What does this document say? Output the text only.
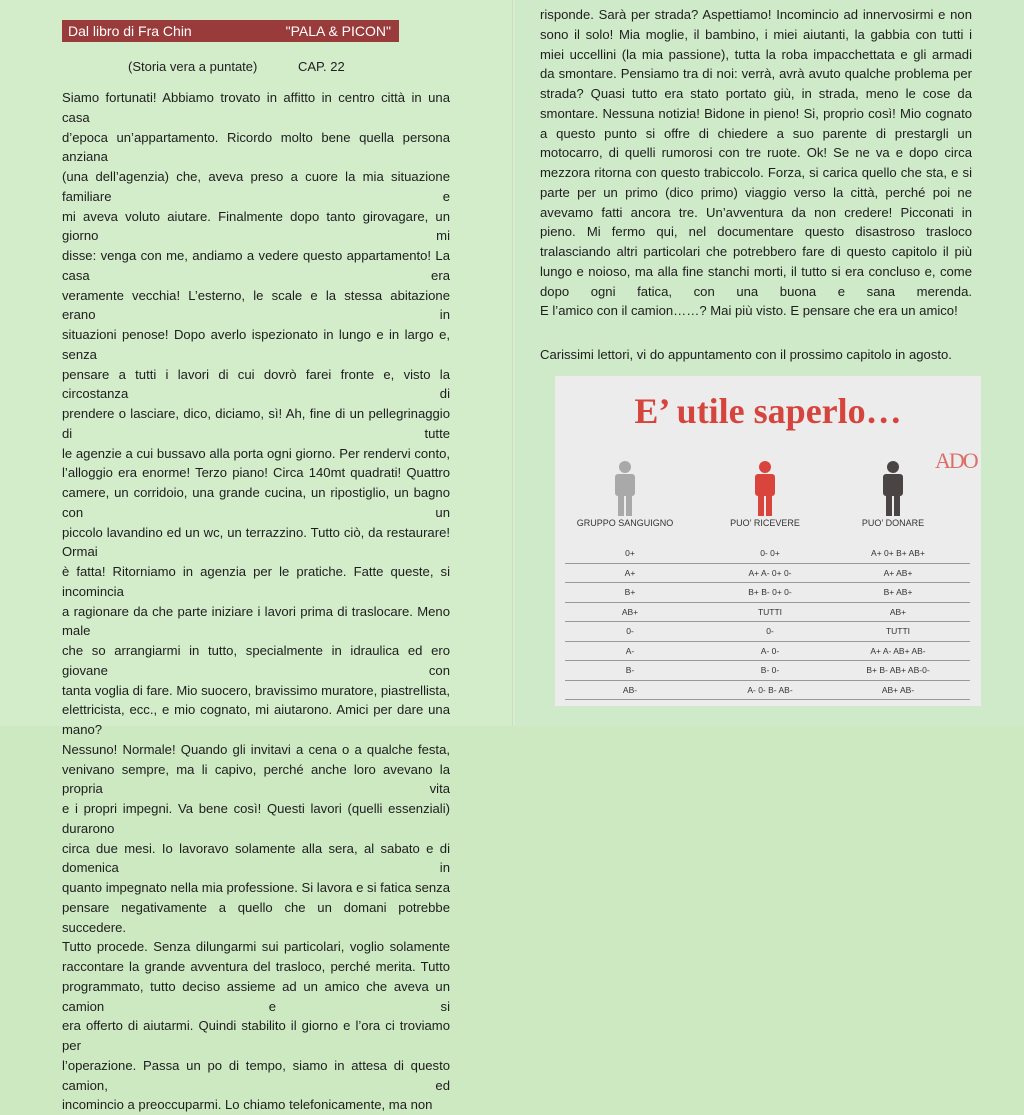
Dal libro di Fra Chin	"PALA & PICON"
(Storia vera a puntate)	CAP. 22
Siamo fortunati! Abbiamo trovato in affitto in centro città in una casa
d’epoca un’appartamento. Ricordo molto bene quella persona anziana
(una dell’agenzia) che, aveva preso a cuore la mia situazione familiare e
mi aveva voluto aiutare. Finalmente dopo tanto girovagare, un giorno mi
disse: venga con me, andiamo a vedere questo appartamento! La casa era
veramente vecchia! L’esterno, le scale e la stessa abitazione erano in
situazioni penose! Dopo averlo ispezionato in lungo e in largo e, senza
pensare a tutti i lavori di cui dovrò farei fronte e, visto la circostanza di
prendere o lasciare, dico, diciamo, sì! Ah, fine di un pellegrinaggio di tutte
le agenzie a cui bussavo alla porta ogni giorno. Per rendervi conto,
l’alloggio era enorme! Terzo piano! Circa 140mt quadrati! Quattro
camere, un corridoio, una grande cucina, un ripostiglio, un bagno con un
piccolo lavandino ed un wc, un terrazzino. Tutto ciò, da restaurare! Ormai
è fatta! Ritorniamo in agenzia per le pratiche. Fatte queste, si incomincia
a ragionare da che parte iniziare i lavori prima di traslocare. Meno male
che so arrangiarmi in tutto, specialmente in idraulica ed ero giovane con
tanta voglia di fare. Mio suocero, bravissimo muratore, piastrellista,
elettricista, ecc., e mio cognato, mi aiutarono. Amici per dare una mano?
Nessuno! Normale! Quando gli invitavi a cena o a qualche festa,
venivano sempre, ma li capivo, perché anche loro avevano la propria vita
e i propri impegni. Va bene così! Questi lavori (quelli essenziali) durarono
circa due mesi. Io lavoravo solamente alla sera, al sabato e di domenica in
quanto impegnato nella mia professione. Si lavora e si fatica senza
pensare negativamente a quello che un domani potrebbe succedere.
Tutto procede. Senza dilungarmi sui particolari, voglio solamente
raccontare la grande avventura del trasloco, perché merita. Tutto
programmato, tutto deciso assieme ad un amico che aveva un camion e si
era offerto di aiutarmi. Quindi stabilito il giorno e l’ora ci troviamo per
l’operazione. Passa un po di tempo, siamo in attesa di questo camion, ed
incomincio a preoccuparmi. Lo chiamo telefonicamente, ma non
risponde. Sarà per strada? Aspettiamo! Incomincio ad innervosirmi e non
sono il solo! Mia moglie, il bambino, i miei aiutanti, la gabbia con tutti i
miei uccellini (la mia passione), tutta la roba impacchettata e gli armadi
da smontare. Pensiamo tra di noi: verrà, avrà avuto qualche problema per
strada? Quasi tutto era stato portato giù, in strada, meno le cose da
smontare. Nessuna notizia! Bidone in pieno! Si, proprio così! Mio cognato
a questo punto si offre di chiedere a suo parente di prestargli un
motocarro, di quelli rumorosi con tre ruote. Ok! Se ne va e dopo circa
mezzora ritorna con questo trabiccolo. Forza, si carica quello che sta, e si
parte per un primo (dico primo) viaggio verso la città, perché poi ne
avevamo fatti ancora tre. Un’avventura da non credere! Picconati in
pieno. Mi fermo qui, nel documentare questo disastroso trasloco
tralasciando altri particolari che potrebbero fare di questo capitolo il più
lungo e noioso, ma alla fine stanchi morti, il tutto si era concluso e, come
dopo ogni fatica, con una buona e sana merenda.
E l’amico con il camion……? Mai più visto. E pensare che era un amico!
Carissimi lettori, vi do appuntamento con il prossimo capitolo in agosto.
E’ utile saperlo…
ADO
GRUPPO SANGUIGNO	PUO’ RICEVERE	PUO’ DONARE
0+	0- 0+	A+ 0+ B+ AB+
A+	A+ A- 0+ 0-	A+ AB+
B+	B+ B- 0+ 0-	B+ AB+
AB+	TUTTI	AB+
0-	0-	TUTTI
A-	A- 0-	A+ A- AB+ AB-
B-	B- 0-	B+ B- AB+ AB-0-
AB-	A- 0- B- AB-	AB+ AB-
